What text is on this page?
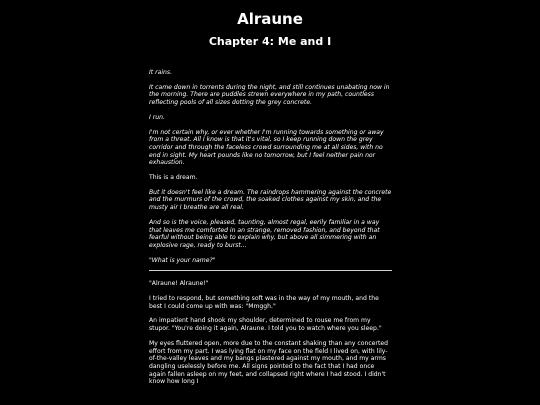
Alraune
Chapter 4: Me and I

It rains.

It came down in torrents during the night, and still continues unabating now in the morning. There are puddles strewn everywhere in my path, countless reflecting pools of all sizes dotting the grey concrete.

I run.

I'm not certain why, or ever whether I'm running towards something or away from a threat. All I know is that it's vital, so I keep running down the grey corridor and through the faceless crowd surrounding me at all sides, with no end in sight. My heart pounds like no tomorrow, but I feel neither pain nor exhaustion.

This is a dream.

But it doesn't feel like a dream. The raindrops hammering against the concrete and the murmurs of the crowd, the soaked clothes against my skin, and the musty air I breathe are all real.

And so is the voice, pleased, taunting, almost regal, eerily familiar in a way that leaves me comforted in an strange, removed fashion, and beyond that fearful without being able to explain why, but above all simmering with an explosive rage, ready to burst...

"What is your name?"

"Alraune! Alraune!"

I tried to respond, but something soft was in the way of my mouth, and the best I could come up with was: "Mmggh."

An impatient hand shook my shoulder, determined to rouse me from my stupor. "You're doing it again, Alraune. I told you to watch where you sleep."

My eyes fluttered open, more due to the constant shaking than any concerted effort from my part. I was lying flat on my face on the field I lived on, with lily-of-the-valley leaves and my bangs plastered against my mouth, and my arms dangling uselessly before me. All signs pointed to the fact that I had once again fallen asleep on my feet, and collapsed right where I had stood. I didn't know how long I
